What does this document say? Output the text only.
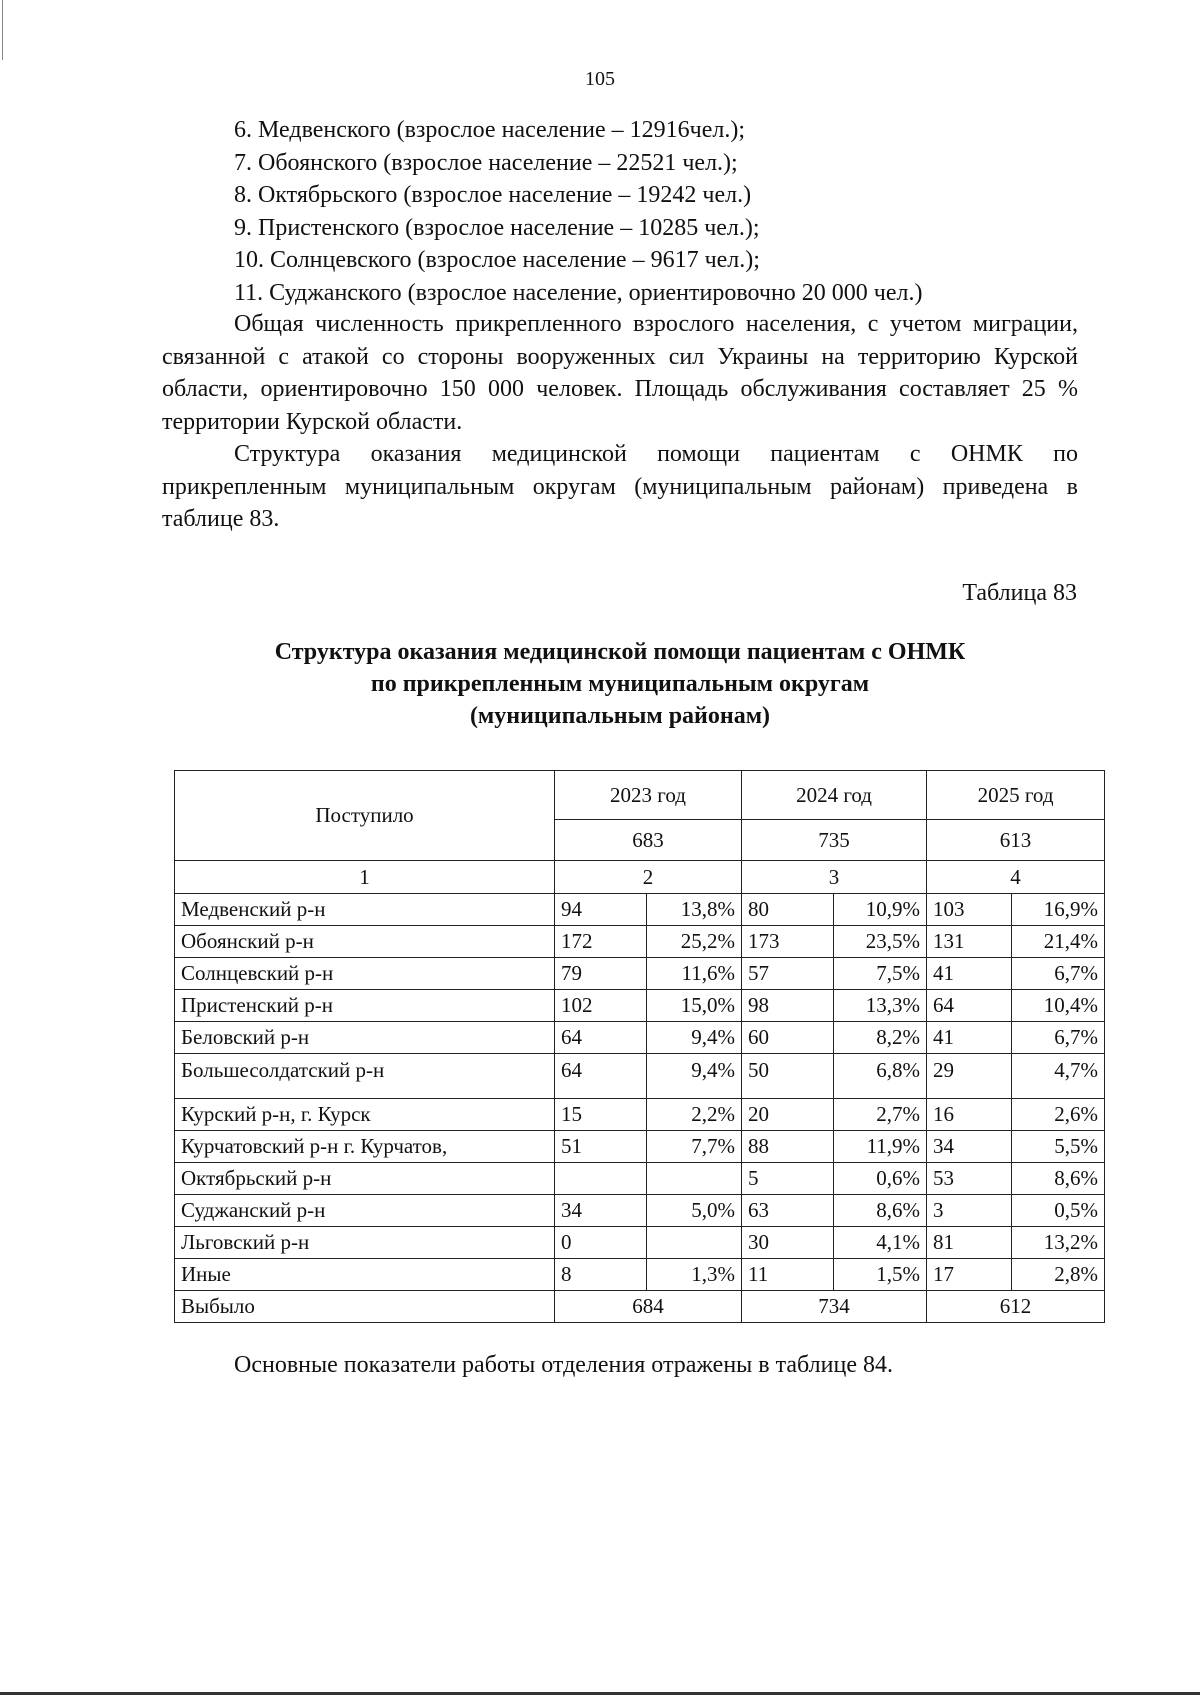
105
6. Медвенского (взрослое население – 12916чел.);
7. Обоянского (взрослое население – 22521 чел.);
8. Октябрьского (взрослое население – 19242 чел.)
9. Пристенского (взрослое население – 10285 чел.);
10. Солнцевского (взрослое население – 9617 чел.);
11. Суджанского (взрослое население, ориентировочно 20 000 чел.)

Общая численность прикрепленного взрослого населения, с учетом миграции, связанной с атакой со стороны вооруженных сил Украины на территорию Курской области, ориентировочно 150 000 человек. Площадь обслуживания составляет 25 % территории Курской области.

Структура оказания медицинской помощи пациентам с ОНМК по прикрепленным муниципальным округам (муниципальным районам) приведена в таблице 83.

Таблица 83
Структура оказания медицинской помощи пациентам с ОНМК
по прикрепленным муниципальным округам
(муниципальным районам)
Поступило	2023 год		2024 год		2025 год	
	683		735		613	
1	2		3		4	
Медвенский р-н	94	13,8%	80	10,9%	103	16,9%
Обоянский р-н	172	25,2%	173	23,5%	131	21,4%
Солнцевский р-н	79	11,6%	57	7,5%	41	6,7%
Пристенский р-н	102	15,0%	98	13,3%	64	10,4%
Беловский р-н	64	9,4%	60	8,2%	41	6,7%
Большесолдатский р-н	64	9,4%	50	6,8%	29	4,7%
Курский р-н, г. Курск	15	2,2%	20	2,7%	16	2,6%
Курчатовский р-н г. Курчатов,	51	7,7%	88	11,9%	34	5,5%
Октябрьский р-н			5	0,6%	53	8,6%
Суджанский р-н	34	5,0%	63	8,6%	3	0,5%
Льговский р-н	0		30	4,1%	81	13,2%
Иные	8	1,3%	11	1,5%	17	2,8%
Выбыло	684		734		612	
Основные показатели работы отделения отражены в таблице 84.
